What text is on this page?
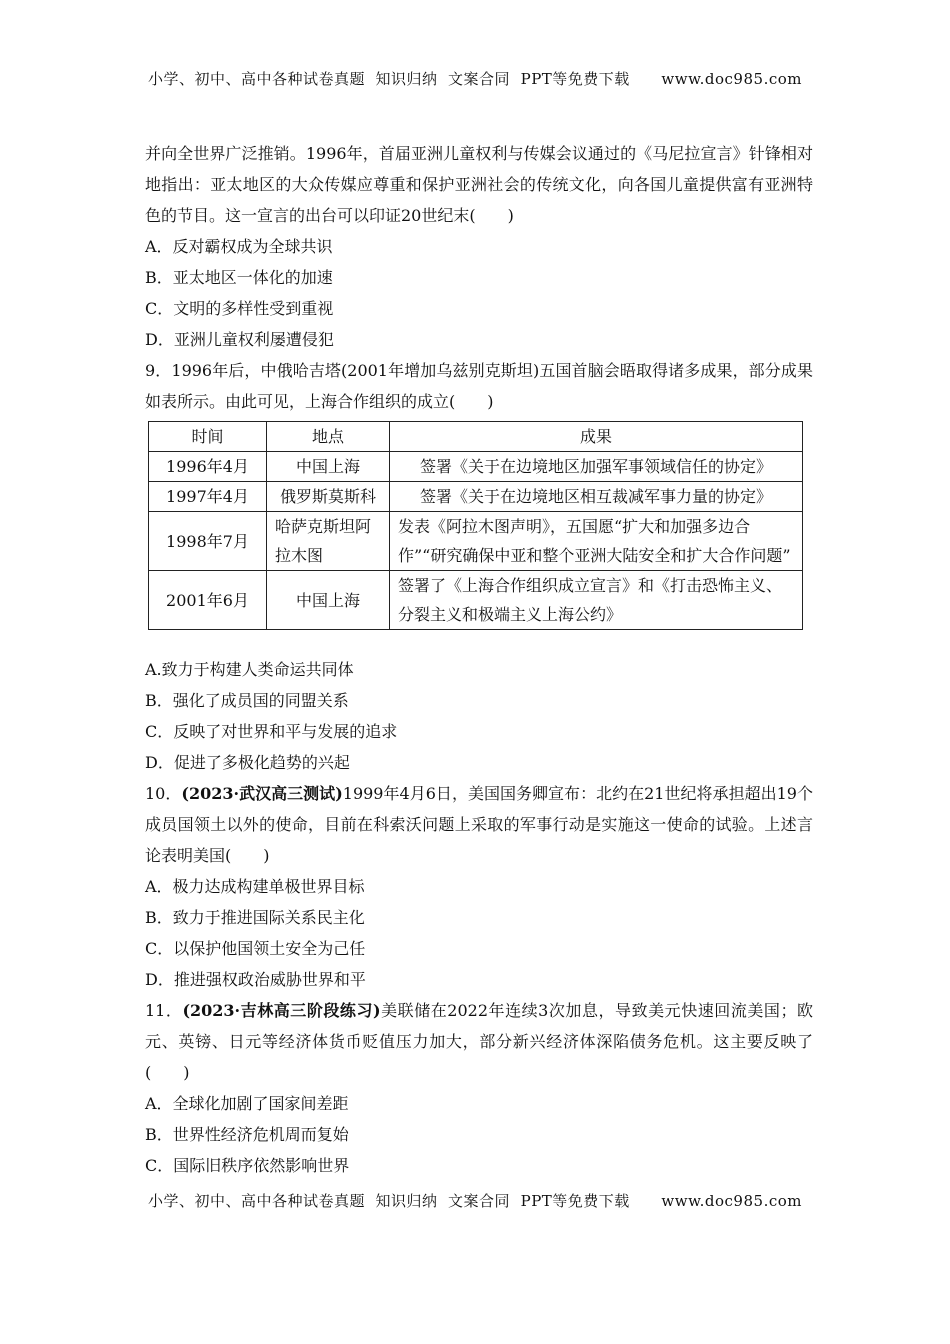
小学、初中、高中各种试卷真题  知识归纳  文案合同  PPT等免费下载      www.doc985.com

并向全世界广泛推销。1996年，首届亚洲儿童权利与传媒会议通过的《马尼拉宣言》针锋相对地指出：亚太地区的大众传媒应尊重和保护亚洲社会的传统文化，向各国儿童提供富有亚洲特色的节目。这一宣言的出台可以印证20世纪末(　　)

A．反对霸权成为全球共识

B．亚太地区一体化的加速

C．文明的多样性受到重视

D．亚洲儿童权利屡遭侵犯

9．1996年后，中俄哈吉塔(2001年增加乌兹别克斯坦)五国首脑会晤取得诸多成果，部分成果如表所示。由此可见，上海合作组织的成立(　　)

时间	地点	成果
1996年4月	中国上海	签署《关于在边境地区加强军事领域信任的协定》
1997年4月	俄罗斯莫斯科	签署《关于在边境地区相互裁减军事力量的协定》
1998年7月	哈萨克斯坦阿拉木图	发表《阿拉木图声明》，五国愿“扩大和加强多边合作”“研究确保中亚和整个亚洲大陆安全和扩大合作问题”
2001年6月	中国上海	签署了《上海合作组织成立宣言》和《打击恐怖主义、分裂主义和极端主义上海公约》

A.致力于构建人类命运共同体

B．强化了成员国的同盟关系

C．反映了对世界和平与发展的追求

D．促进了多极化趋势的兴起

10．(2023·武汉高三测试)1999年4月6日，美国国务卿宣布：北约在21世纪将承担超出19个成员国领土以外的使命，目前在科索沃问题上采取的军事行动是实施这一使命的试验。上述言论表明美国(　　)

A．极力达成构建单极世界目标

B．致力于推进国际关系民主化

C．以保护他国领土安全为己任

D．推进强权政治威胁世界和平

11．(2023·吉林高三阶段练习)美联储在2022年连续3次加息，导致美元快速回流美国；欧元、英镑、日元等经济体货币贬值压力加大，部分新兴经济体深陷债务危机。这主要反映了(　　)

A．全球化加剧了国家间差距

B．世界性经济危机周而复始

C．国际旧秩序依然影响世界

小学、初中、高中各种试卷真题  知识归纳  文案合同  PPT等免费下载      www.doc985.com
